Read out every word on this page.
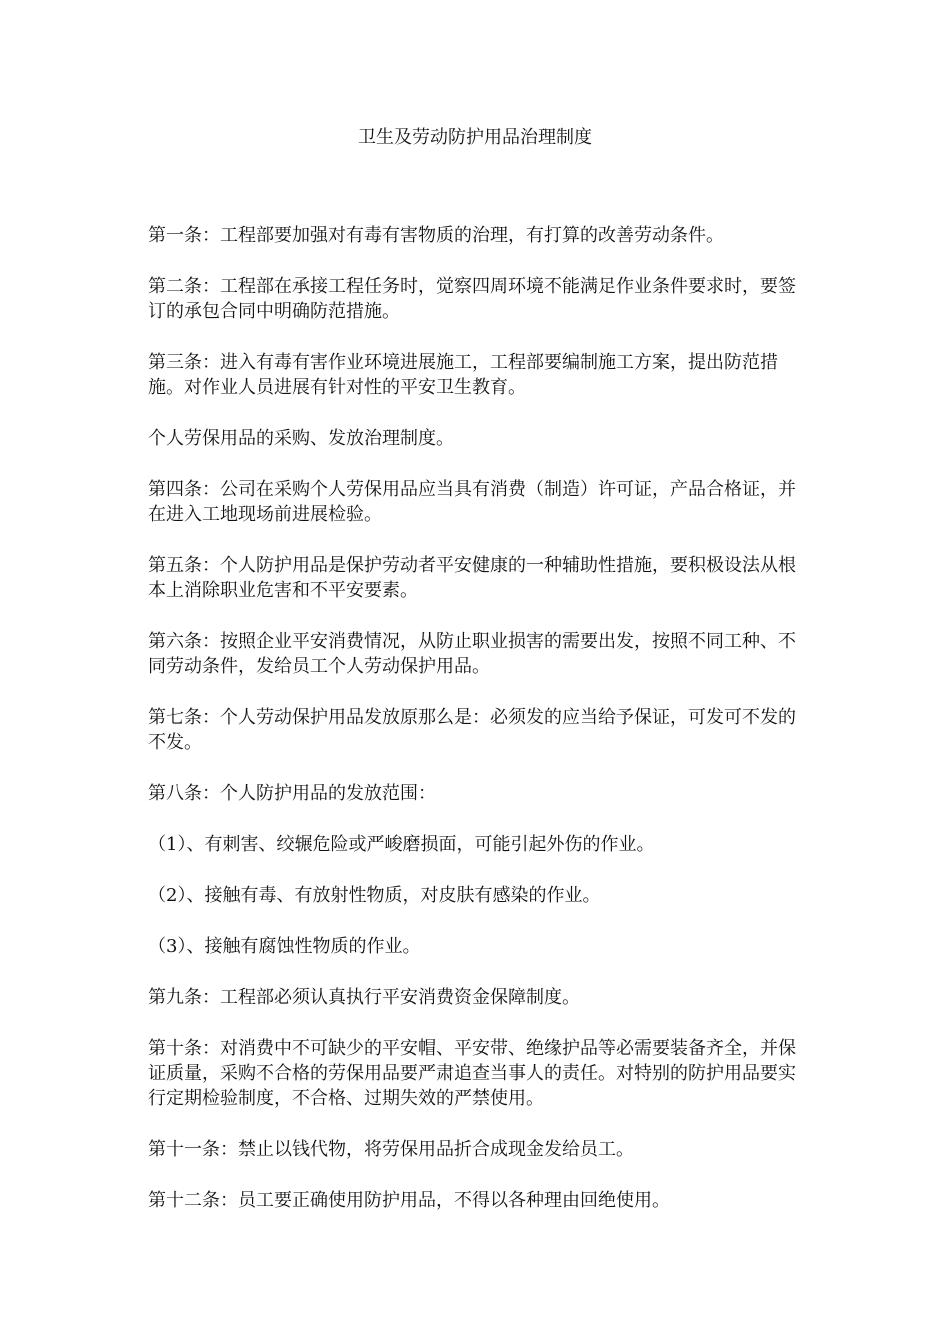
卫生及劳动防护用品治理制度

第一条：工程部要加强对有毒有害物质的治理，有打算的改善劳动条件。

第二条：工程部在承接工程任务时，觉察四周环境不能满足作业条件要求时，要签订的承包合同中明确防范措施。

第三条：进入有毒有害作业环境进展施工，工程部要编制施工方案，提出防范措施。对作业人员进展有针对性的平安卫生教育。

个人劳保用品的采购、发放治理制度。

第四条：公司在采购个人劳保用品应当具有消费（制造）许可证，产品合格证，并在进入工地现场前进展检验。

第五条：个人防护用品是保护劳动者平安健康的一种辅助性措施，要积极设法从根本上消除职业危害和不平安要素。

第六条：按照企业平安消费情况，从防止职业损害的需要出发，按照不同工种、不同劳动条件，发给员工个人劳动保护用品。

第七条：个人劳动保护用品发放原那么是：必须发的应当给予保证，可发可不发的不发。

第八条：个人防护用品的发放范围：

（1）、有刺害、绞辗危险或严峻磨损面，可能引起外伤的作业。

（2）、接触有毒、有放射性物质，对皮肤有感染的作业。

（3）、接触有腐蚀性物质的作业。

第九条：工程部必须认真执行平安消费资金保障制度。

第十条：对消费中不可缺少的平安帽、平安带、绝缘护品等必需要装备齐全，并保证质量，采购不合格的劳保用品要严肃追查当事人的责任。对特别的防护用品要实行定期检验制度，不合格、过期失效的严禁使用。

第十一条：禁止以钱代物，将劳保用品折合成现金发给员工。

第十二条：员工要正确使用防护用品，不得以各种理由回绝使用。
